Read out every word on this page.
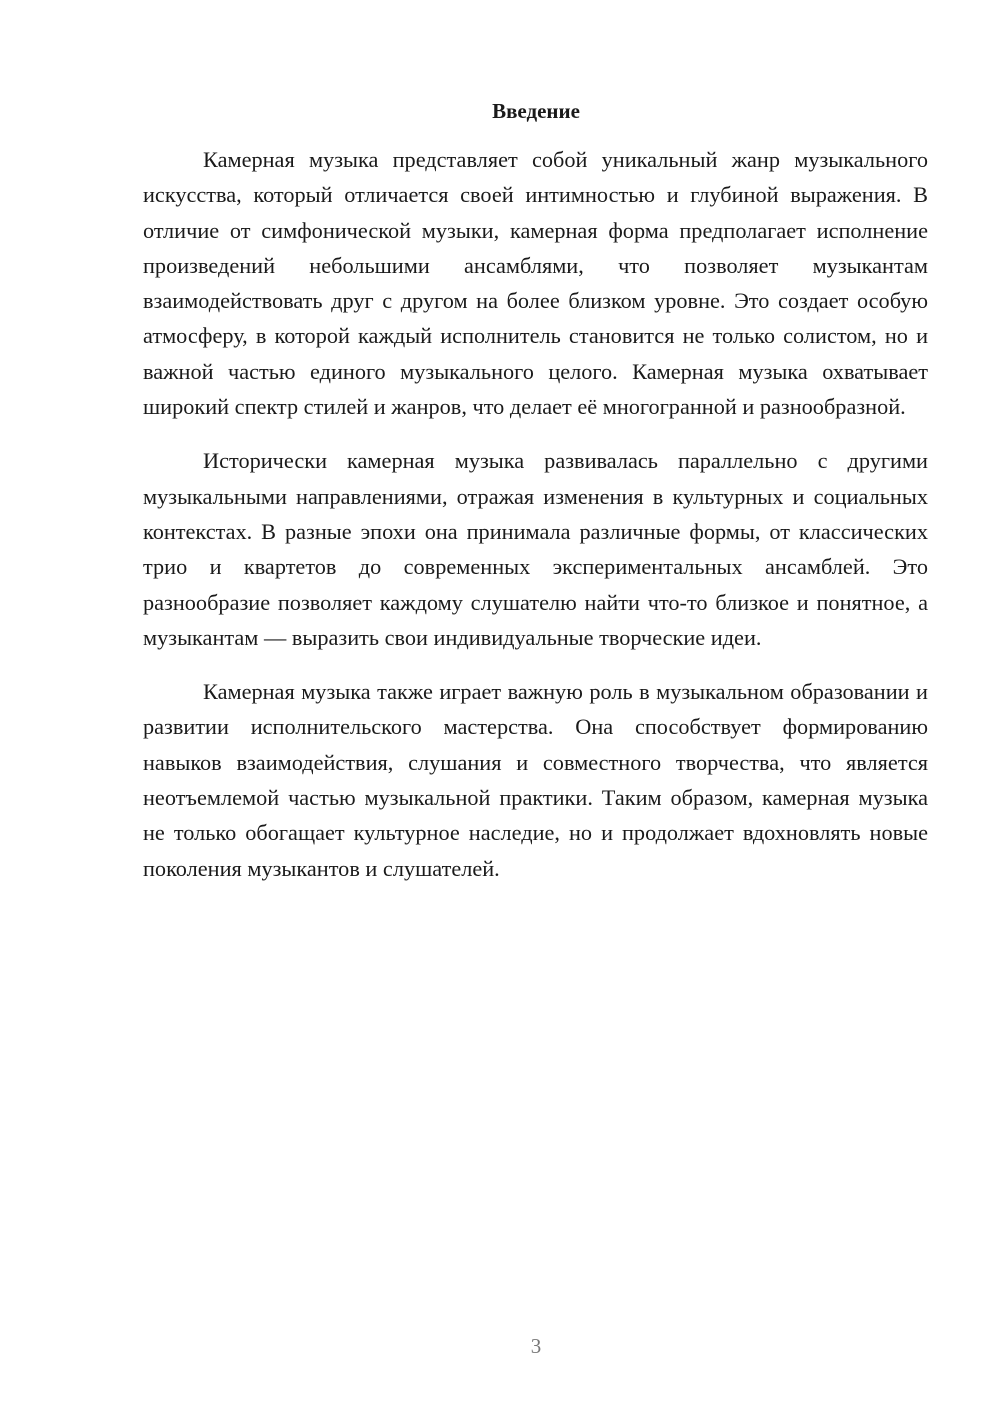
Введение

Камерная музыка представляет собой уникальный жанр музыкального искусства, который отличается своей интимностью и глубиной выражения. В отличие от симфонической музыки, камерная форма предполагает исполнение произведений небольшими ансамблями, что позволяет музыкантам взаимодействовать друг с другом на более близком уровне. Это создает особую атмосферу, в которой каждый исполнитель становится не только солистом, но и важной частью единого музыкального целого. Камерная музыка охватывает широкий спектр стилей и жанров, что делает её многогранной и разнообразной.

Исторически камерная музыка развивалась параллельно с другими музыкальными направлениями, отражая изменения в культурных и социальных контекстах. В разные эпохи она принимала различные формы, от классических трио и квартетов до современных экспериментальных ансамблей. Это разнообразие позволяет каждому слушателю найти что-то близкое и понятное, а музыкантам — выразить свои индивидуальные творческие идеи.

Камерная музыка также играет важную роль в музыкальном образовании и развитии исполнительского мастерства. Она способствует формированию навыков взаимодействия, слушания и совместного творчества, что является неотъемлемой частью музыкальной практики. Таким образом, камерная музыка не только обогащает культурное наследие, но и продолжает вдохновлять новые поколения музыкантов и слушателей.

3
